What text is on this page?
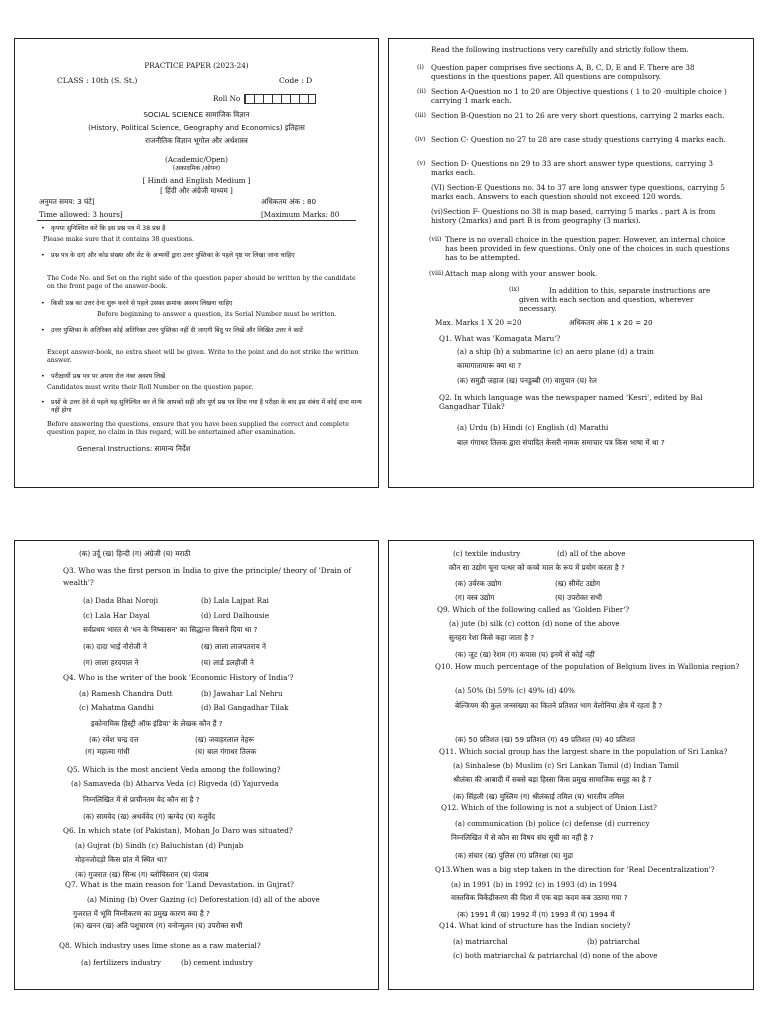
PRACTICE PAPER (2023-24)
CLASS : 10th (S. St.)	Code : D
Roll No
SOCIAL SCIENCE सामाजिक विज्ञान
(History, Political Science, Geography and Economics) इतिहास
राजनीतिक विज्ञान भूगोल और अर्थशास्त्र
(Academic/Open)
(अकादमिक /ओपन)
[ Hindi and English Medium ]
[ हिंदी और अंग्रेजी माध्यम ]
अनुमत समय: 3 घंटे]	अधिकतम अंक : 80
Time allowed: 3 hours]	[Maximum Marks: 80
• कृपया सुनिश्चित करें कि इस प्रश्न पत्र में 38 प्रश्न है
Please make sure that it contains 38 questions.
• प्रश्न पत्र के दाएं और कोड संख्या और सेट के अभ्यर्थी द्वारा उत्तर पुस्तिका के पहले पृष्ठ पर लिखा जाना चाहिए
The Code No. and Set on the right side of the question paper should be written by the candidate on the front page of the answer-book.
• किसी प्रश्न का उत्तर देना शुरू करने से पहले उसका क्रमांक अवश्य लिखना चाहिए
Before beginning to answer a question, its Serial Number must be written.
• उत्तर पुस्तिका के अतिरिक्त कोई अतिरिक्त उत्तर पुस्तिका नहीं दी जाएगी बिंदु पर लिखें और लिखित उत्तर ने काटें
Except answer-book, no extra sheet will be given. Write to the point and do not strike the written answer.
• परीक्षार्थी प्रश्न पत्र पर अपना रोल नंबर अवश्य लिखें
Candidates must write their Roll Number on the question paper.
• प्रश्नों के उत्तर देने से पहले यह सुनिश्चित कर लें कि आपको सही और पूर्ण प्रश्न पत्र दिया गया है परीक्षा के बाद इस संबंध में कोई दावा मान्य नहीं होगा
Before answering the questions, ensure that you have been supplied the correct and complete question paper, no claim in this regard, will be entertained after examination.
General Instructions: सामान्य निर्देश
Read the following instructions very carefully and strictly follow them.
(i) Question paper comprises five sections A, B, C, D, E and F. There are 38 questions in the questions paper. All questions are compulsory.
(ii) Section A-Question no 1 to 20 are Objective questions ( 1 to 20 -multiple choice ) carrying 1 mark each.
(iii) Section B-Question no 21 to 26 are very short questions, carrying 2 marks each.
(iv) Section C- Question no 27 to 28 are case study questions carrying 4 marks each.
(v) Section D- Questions no 29 to 33 are short answer type questions, carrying 3 marks each.
(VI) Section-E Questions no. 34 to 37 are long answer type questions, carrying 5 marks each. Answers to each question should not exceed 120 words.
(vi)Section F- Questions no 38 is map based, carrying 5 marks . part A is from history (2marks) and part B is from geography (3 marks).
(vii) There is no overall choice in the question paper. However, an internal choice has been provided in few questions. Only one of the choices in such questions has to be attempted.
(viii) Attach map along with your answer book.
(ix)	In addition to this, separate instructions are given with each section and question, wherever necessary.
Max. Marks 1 X 20 =20	अधिकतम अंक 1 x 20 = 20
Q1. What was 'Komagata Maru'?
(a) a ship (b) a submarine (c) an aero plane (d) a train
कामागातामारू क्या था ?
(क) समुद्री जहाज (ख) पनडुब्बी (ग) वायुयान (घ) रेल
Q2. In which language was the newspaper named 'Kesri', edited by Bal Gangadhar Tilak?
(a) Urdu (b) Hindi (c) English (d) Marathi
बाल गंगाधर तिलक द्वारा संपादित केसरी नामक समाचार पत्र किस भाषा में था ?
(क) उर्दू (ख) हिन्दी (ग) अंग्रेजी (घ) मराठी
Q3. Who was the first person in India to give the principle/ theory of 'Drain of wealth'?
(a) Dada Bhai Noroji	(b) Lala Lajpat Rai
(c) Lala Har Dayal	(d) Lord Dalhousie
सर्वप्रथम भारत से 'धन के निष्कासन' का सिद्धान्त किसने दिया था ?
(क) दादा भाई नौरोजी ने	(ख) लाला लाजपतराय ने
(ग) लाला हरदयाल ने	(घ) लार्ड डलहौजी ने
Q4. Who is the writer of the book 'Economic History of India'?
(a) Ramesh Chandra Dutt	(b) Jawahar Lal Nehru
(c) Mahatma Gandhi	(d) Bal Gangadhar Tilak
इकोनामिक हिस्ट्री ऑफ इंडिया' के लेखक कौन हैं ?
(क) रमेश चन्द्र दत्त	(ख) जवाहरलाल नेहरू
(ग) महात्मा गांधी	(घ) बाल गंगाधर तिलक
Q5. Which is the most ancient Veda among the following?
(a) Samaveda (b) Atharva Veda (c) Rigveda (d) Yajurveda
निम्नलिखित में से प्राचीनतम वेद कौन सा है ?
(क) सामवेद (ख) अथर्ववेद (ग) ऋग्वेद (घ) यजुर्वेद
Q6. In which state (of Pakistan), Mohan Jo Daro was situated?
(a) Gujrat (b) Sindh (c) Baluchistan (d) Punjab
मोहनजोदड़ो किस प्रांत में स्थित था?
(क) गुजरात (ख) सिन्ध (ग) ब्लोचिस्तान (घ) पंजाब
Q7. What is the main reason for 'Land Devastation. in Gujrat?
(a) Mining (b) Over Gazing (c) Deforestation (d) all of the above
गुजरात में भूमि निम्नीकरण का प्रमुख कारण क्या है ?
(क) खनन (ख) अति पशुचारण (ग) वनोन्मूलन (घ) उपरोक्त सभी
Q8. Which industry uses lime stone as a raw material?
(a) fertilizers industry	(b) cement industry
(c) textile industry	(d) all of the above
कौन सा उद्योग चूना पत्थर को कच्चे माल के रूप में प्रयोग करता है ?
(क) उर्वरक उद्योग	(ख) सीमेंट उद्योग
(ग) वस्त्र उद्योग	(घ) उपरोक्त सभी
Q9. Which of the following called as 'Golden Fiber'?
(a) jute (b) silk (c) cotton (d) none of the above
सुनहरा रेशा किसे कहा जाता है ?
(क) जूट (ख) रेशम (ग) कपास (घ) इनमें से कोई नहीं
Q10. How much percentage of the population of Belgium lives in Wallonia region?
(a) 50% (b) 59% (c) 49% (d) 40%
बेल्जियम की कुल जनसंख्या का कितने प्रतिशत भाग वेलोनिया क्षेत्र में रहता है ?
(क) 50 प्रतिशत (ख) 59 प्रतिशत (ग) 49 प्रतिशत (घ) 40 प्रतिशत
Q11. Which social group has the largest share in the population of Sri Lanka?
(a) Sinhalese (b) Muslim (c) Sri Lankan Tamil (d) Indian Tamil
श्रीलंका की आबादी में सबसे बड़ा हिस्सा किस प्रमुख सामाजिक समूह का है ?
(क) सिंहली (ख) मुस्लिम (ग) श्रीलंकाई तमिल (घ) भारतीय तमिल
Q12. Which of the following is not a subject of Union List?
(a) communication (b) police (c) defense (d) currency
निम्नलिखित में से कौन सा विषय संघ सूची का नहीं है ?
(क) संचार (ख) पुलिस (ग) प्रतिरक्षा (घ) मुद्रा
Q13.When was a big step taken in the direction for 'Real Decentralization'?
(a) in 1991 (b) in 1992 (c) in 1993 (d) in 1994
वास्तविक विकेंद्रीकरण की दिशा में एक बड़ा कदम कब उठाया गया ?
(क) 1991 में (ख) 1992 में (ग) 1993 में (घ) 1994 में
Q14. What kind of structure has the Indian society?
(a) matriarchal	(b) patriarchal
(c) both matriarchal & patriarchal (d) none of the above
